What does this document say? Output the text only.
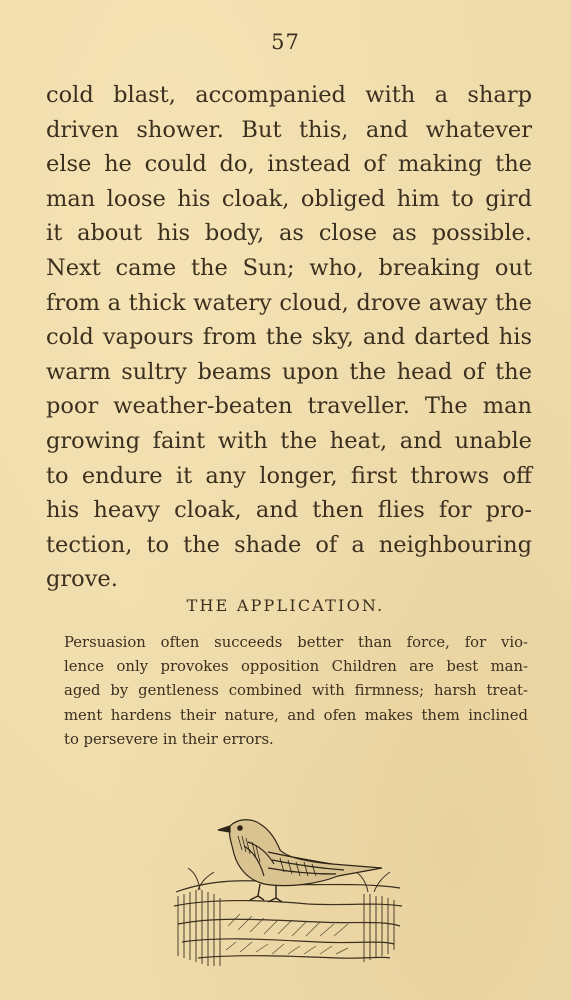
57
cold blast, accompanied with a sharp
driven shower. But this, and whatever
else he could do, instead of making the
man loose his cloak, obliged him to gird
it about his body, as close as possible.
Next came the Sun; who, breaking out
from a thick watery cloud, drove away the
cold vapours from the sky, and darted his
warm sultry beams upon the head of the
poor weather-beaten traveller. The man
growing faint with the heat, and unable
to endure it any longer, first throws off
his heavy cloak, and then flies for pro-
tection, to the shade of a neighbouring
grove.
THE APPLICATION.
Persuasion often succeeds better than force, for vio-
lence only provokes opposition Children are best man-
aged by gentleness combined with firmness; harsh treat-
ment hardens their nature, and ofen makes them inclined
to persevere in their errors.
